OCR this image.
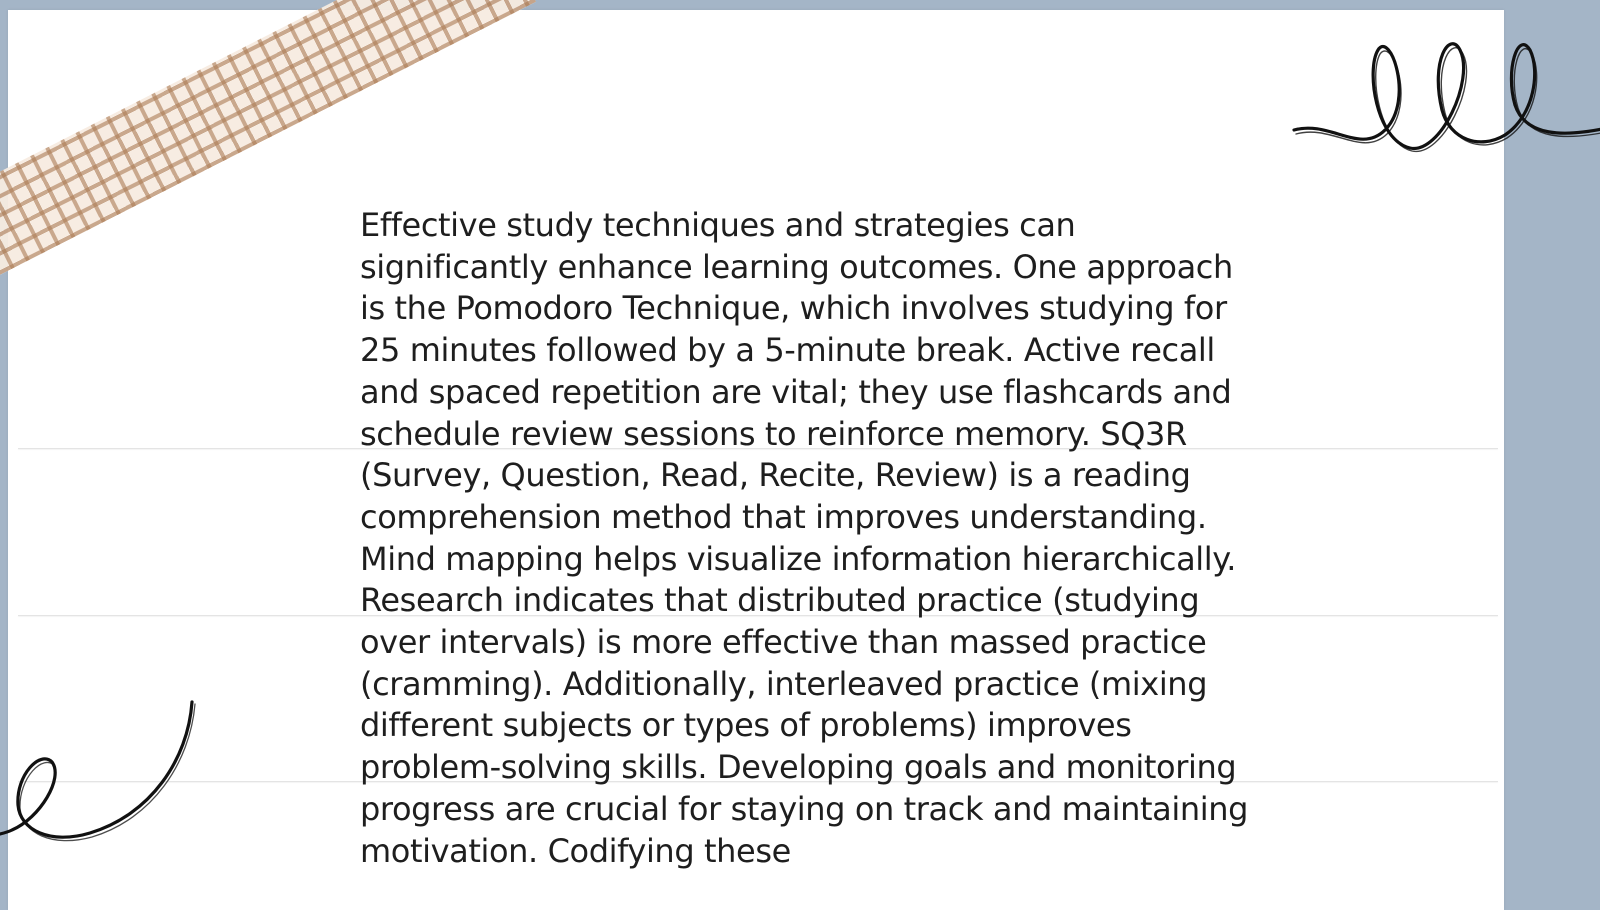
Effective study techniques and strategies can significantly enhance learning outcomes. One approach is the Pomodoro Technique, which involves studying for 25 minutes followed by a 5-minute break. Active recall and spaced repetition are vital; they use flashcards and schedule review sessions to reinforce memory. SQ3R (Survey, Question, Read, Recite, Review) is a reading comprehension method that improves understanding. Mind mapping helps visualize information hierarchically. Research indicates that distributed practice (studying over intervals) is more effective than massed practice (cramming). Additionally, interleaved practice (mixing different subjects or types of problems) improves problem-solving skills. Developing goals and monitoring progress are crucial for staying on track and maintaining motivation. Codifying these
